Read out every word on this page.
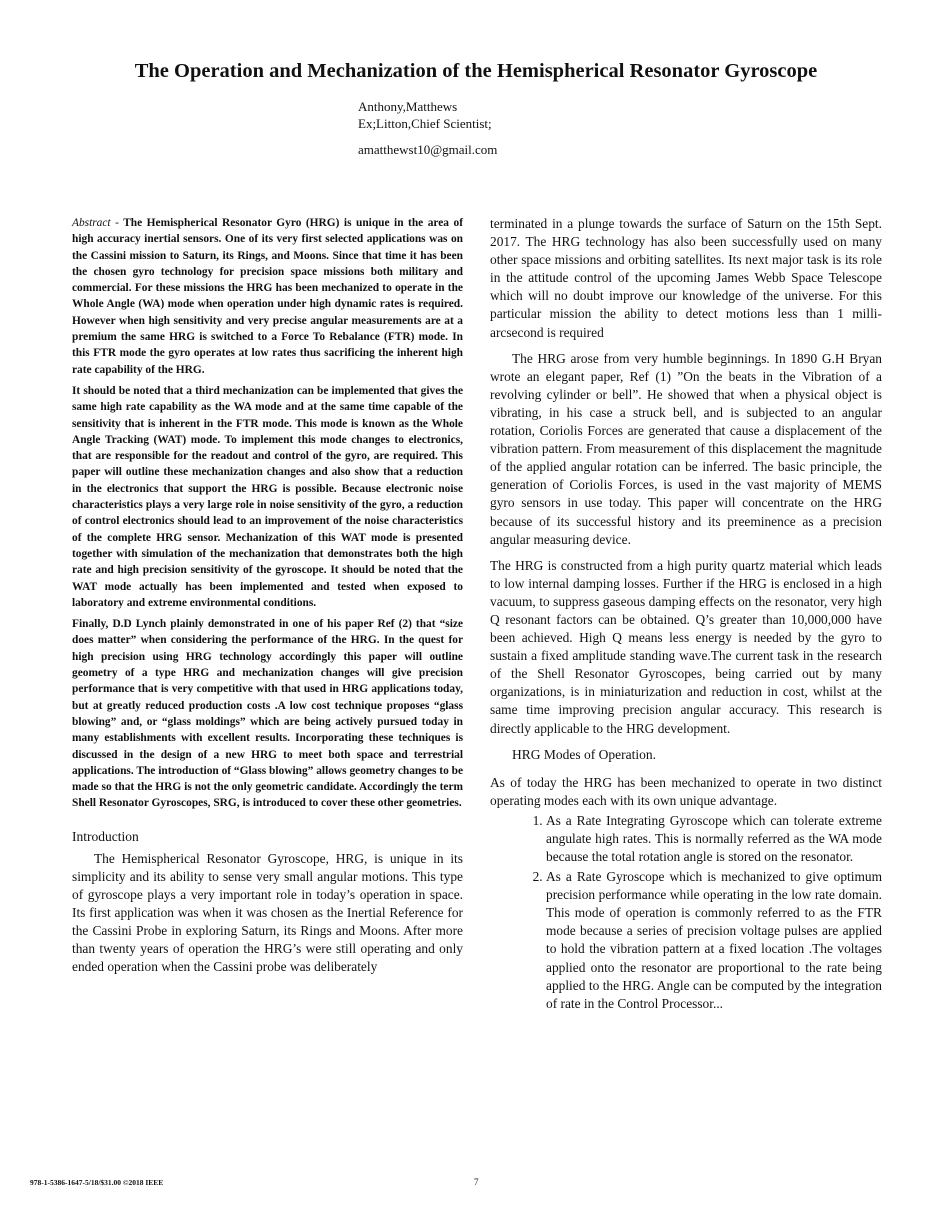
The Operation and Mechanization of the Hemispherical Resonator Gyroscope
Anthony,Matthews
Ex;Litton,Chief Scientist;
amatthewst10@gmail.com

Abstract - The Hemispherical Resonator Gyro (HRG) is unique in the area of high accuracy inertial sensors. One of its very first selected applications was on the Cassini mission to Saturn, its Rings, and Moons. Since that time it has been the chosen gyro technology for precision space missions both military and commercial. For these missions the HRG has been mechanized to operate in the Whole Angle (WA) mode when operation under high dynamic rates is required. However when high sensitivity and very precise angular measurements are at a premium the same HRG is switched to a Force To Rebalance (FTR) mode. In this FTR mode the gyro operates at low rates thus sacrificing the inherent high rate capability of the HRG.

It should be noted that a third mechanization can be implemented that gives the same high rate capability as the WA mode and at the same time capable of the sensitivity that is inherent in the FTR mode. This mode is known as the Whole Angle Tracking (WAT) mode. To implement this mode changes to electronics, that are responsible for the readout and control of the gyro, are required. This paper will outline these mechanization changes and also show that a reduction in the electronics that support the HRG is possible. Because electronic noise characteristics plays a very large role in noise sensitivity of the gyro, a reduction of control electronics should lead to an improvement of the noise characteristics of the complete HRG sensor. Mechanization of this WAT mode is presented together with simulation of the mechanization that demonstrates both the high rate and high precision sensitivity of the gyroscope. It should be noted that the WAT mode actually has been implemented and tested when exposed to laboratory and extreme environmental conditions.

Finally, D.D Lynch plainly demonstrated in one of his paper Ref (2) that “size does matter” when considering the performance of the HRG. In the quest for high precision using HRG technology accordingly this paper will outline geometry of a type HRG and mechanization changes will give precision performance that is very competitive with that used in HRG applications today, but at greatly reduced production costs .A low cost technique proposes “glass blowing” and, or “glass moldings” which are being actively pursued today in many establishments with excellent results. Incorporating these techniques is discussed in the design of a new HRG to meet both space and terrestrial applications. The introduction of “Glass blowing” allows geometry changes to be made so that the HRG is not the only geometric candidate. Accordingly the term Shell Resonator Gyroscopes, SRG, is introduced to cover these other geometries.

Introduction

The Hemispherical Resonator Gyroscope, HRG, is unique in its simplicity and its ability to sense very small angular motions. This type of gyroscope plays a very important role in today’s operation in space. Its first application was when it was chosen as the Inertial Reference for the Cassini Probe in exploring Saturn, its Rings and Moons. After more than twenty years of operation the HRG’s were still operating and only ended operation when the Cassini probe was deliberately

terminated in a plunge towards the surface of Saturn on the 15th Sept. 2017. The HRG technology has also been successfully used on many other space missions and orbiting satellites. Its next major task is its role in the attitude control of the upcoming James Webb Space Telescope which will no doubt improve our knowledge of the universe. For this particular mission the ability to detect motions less than 1 milli-arcsecond is required

The HRG arose from very humble beginnings. In 1890 G.H Bryan wrote an elegant paper, Ref (1) ”On the beats in the Vibration of a revolving cylinder or bell”. He showed that when a physical object is vibrating, in his case a struck bell, and is subjected to an angular rotation, Coriolis Forces are generated that cause a displacement of the vibration pattern. From measurement of this displacement the magnitude of the applied angular rotation can be inferred. The basic principle, the generation of Coriolis Forces, is used in the vast majority of MEMS gyro sensors in use today. This paper will concentrate on the HRG because of its successful history and its preeminence as a precision angular measuring device.

The HRG is constructed from a high purity quartz material which leads to low internal damping losses. Further if the HRG is enclosed in a high vacuum, to suppress gaseous damping effects on the resonator, very high Q resonant factors can be obtained. Q’s greater than 10,000,000 have been achieved. High Q means less energy is needed by the gyro to sustain a fixed amplitude standing wave.The current task in the research of the Shell Resonator Gyroscopes, being carried out by many organizations, is in miniaturization and reduction in cost, whilst at the same time improving precision angular accuracy. This research is directly applicable to the HRG development.

HRG Modes of Operation.

As of today the HRG has been mechanized to operate in two distinct operating modes each with its own unique advantage.

1. As a Rate Integrating Gyroscope which can tolerate extreme angulate high rates. This is normally referred as the WA mode because the total rotation angle is stored on the resonator.
2. As a Rate Gyroscope which is mechanized to give optimum precision performance while operating in the low rate domain. This mode of operation is commonly referred to as the FTR mode because a series of precision voltage pulses are applied to hold the vibration pattern at a fixed location .The voltages applied onto the resonator are proportional to the rate being applied to the HRG. Angle can be computed by the integration of rate in the Control Processor...
978-1-5386-1647-5/18/$31.00 ©2018 IEEE	7
